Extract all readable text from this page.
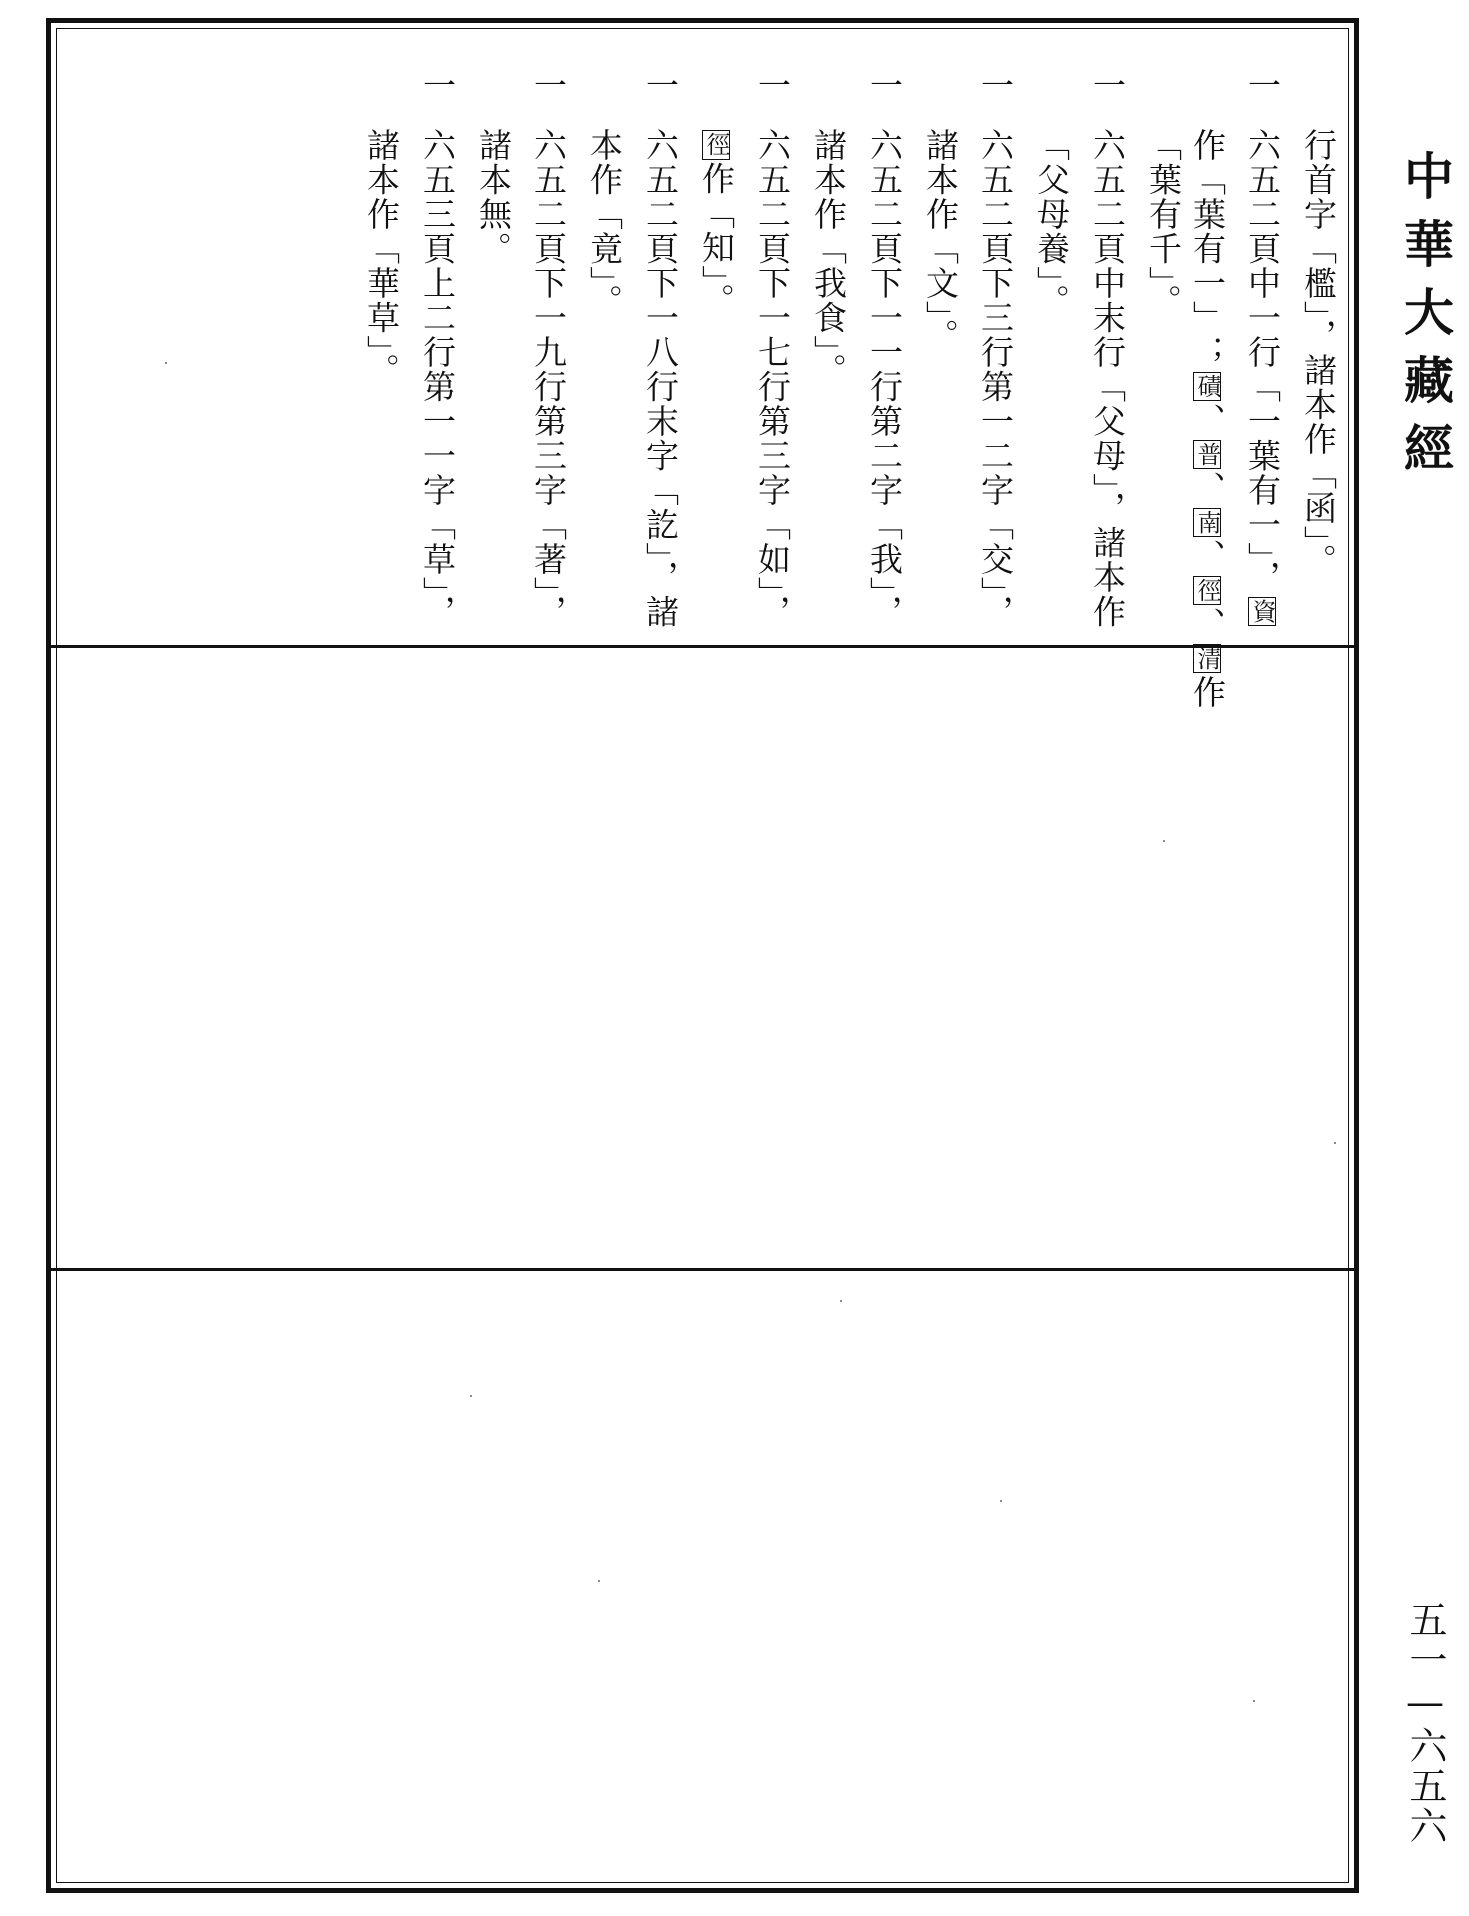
一
一
一
一
一
一
一
一
行首字「檻」，諸本作「函」。
六五二頁中一行「一葉有一」，資
作「葉有一」；磧、普、南、徑、清作
「葉有千」。
六五二頁中末行「父母」，諸本作
「父母養」。
六五二頁下三行第一二字「交」，
諸本作「文」。
六五二頁下一一行第二字「我」，
諸本作「我食」。
六五二頁下一七行第三字「如」，
徑作「知」。
六五二頁下一八行末字「訖」，諸
本作「竟」。
六五二頁下一九行第三字「著」，
諸本無。
六五三頁上二行第一一字「草」，
諸本作「華草」。	中華大藏經
五一—六五六
